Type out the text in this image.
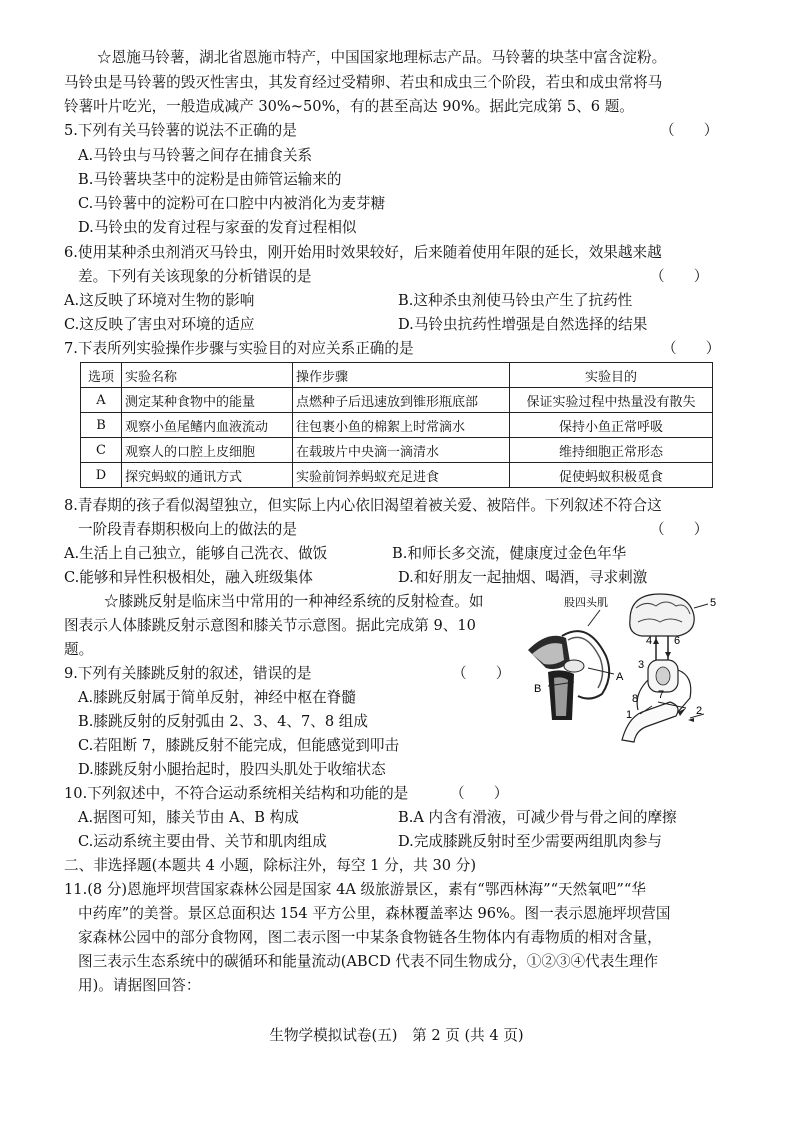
☆恩施马铃薯，湖北省恩施市特产，中国国家地理标志产品。马铃薯的块茎中富含淀粉。
马铃虫是马铃薯的毁灭性害虫，其发育经过受精卵、若虫和成虫三个阶段，若虫和成虫常将马
铃薯叶片吃光，一般造成减产 30%~50%，有的甚至高达 90%。据此完成第 5、6 题。
5.下列有关马铃薯的说法不正确的是	（　　）
A.马铃虫与马铃薯之间存在捕食关系
B.马铃薯块茎中的淀粉是由筛管运输来的
C.马铃薯中的淀粉可在口腔中内被消化为麦芽糖
D.马铃虫的发育过程与家蚕的发育过程相似
6.使用某种杀虫剂消灭马铃虫，刚开始用时效果较好，后来随着使用年限的延长，效果越来越
差。下列有关该现象的分析错误的是	（　　）
A.这反映了环境对生物的影响	B.这种杀虫剂使马铃虫产生了抗药性
C.这反映了害虫对环境的适应	D.马铃虫抗药性增强是自然选择的结果
7.下表所列实验操作步骤与实验目的对应关系正确的是	（　　）
选项	实验名称	操作步骤	实验目的
A	测定某种食物中的能量	点燃种子后迅速放到锥形瓶底部	保证实验过程中热量没有散失
B	观察小鱼尾鳍内血液流动	往包裹小鱼的棉絮上时常滴水	保持小鱼正常呼吸
C	观察人的口腔上皮细胞	在载玻片中央滴一滴清水	维持细胞正常形态
D	探究蚂蚁的通讯方式	实验前饲养蚂蚁充足进食	促使蚂蚁积极觅食
8.青春期的孩子看似渴望独立，但实际上内心依旧渴望着被关爱、被陪伴。下列叙述不符合这
一阶段青春期积极向上的做法的是	（　　）
A.生活上自己独立，能够自己洗衣、做饭	B.和师长多交流，健康度过金色年华
C.能够和异性积极相处，融入班级集体	D.和好朋友一起抽烟、喝酒，寻求刺激
☆膝跳反射是临床当中常用的一种神经系统的反射检查。如
图表示人体膝跳反射示意图和膝关节示意图。据此完成第 9、10
题。
股四头肌
A
B
1	2
3
4
5
6
7
8
9.下列有关膝跳反射的叙述，错误的是	（　　）
A.膝跳反射属于简单反射，神经中枢在脊髓
B.膝跳反射的反射弧由 2、3、4、7、8 组成
C.若阻断 7，膝跳反射不能完成，但能感觉到叩击
D.膝跳反射小腿抬起时，股四头肌处于收缩状态
10.下列叙述中，不符合运动系统相关结构和功能的是	（　　）
A.据图可知，膝关节由 A、B 构成	B.A 内含有滑液，可减少骨与骨之间的摩擦
C.运动系统主要由骨、关节和肌肉组成	D.完成膝跳反射时至少需要两组肌肉参与
二、非选择题(本题共 4 小题，除标注外，每空 1 分，共 30 分)
11.(8 分)恩施坪坝营国家森林公园是国家 4A 级旅游景区，素有“鄂西林海”“天然氧吧”“华
中药库”的美誉。景区总面积达 154 平方公里，森林覆盖率达 96%。图一表示恩施坪坝营国
家森林公园中的部分食物网，图二表示图一中某条食物链各生物体内有毒物质的相对含量，
图三表示生态系统中的碳循环和能量流动(ABCD 代表不同生物成分，①②③④代表生理作
用)。请据图回答：
生物学模拟试卷(五)　第 2 页 (共 4 页)
